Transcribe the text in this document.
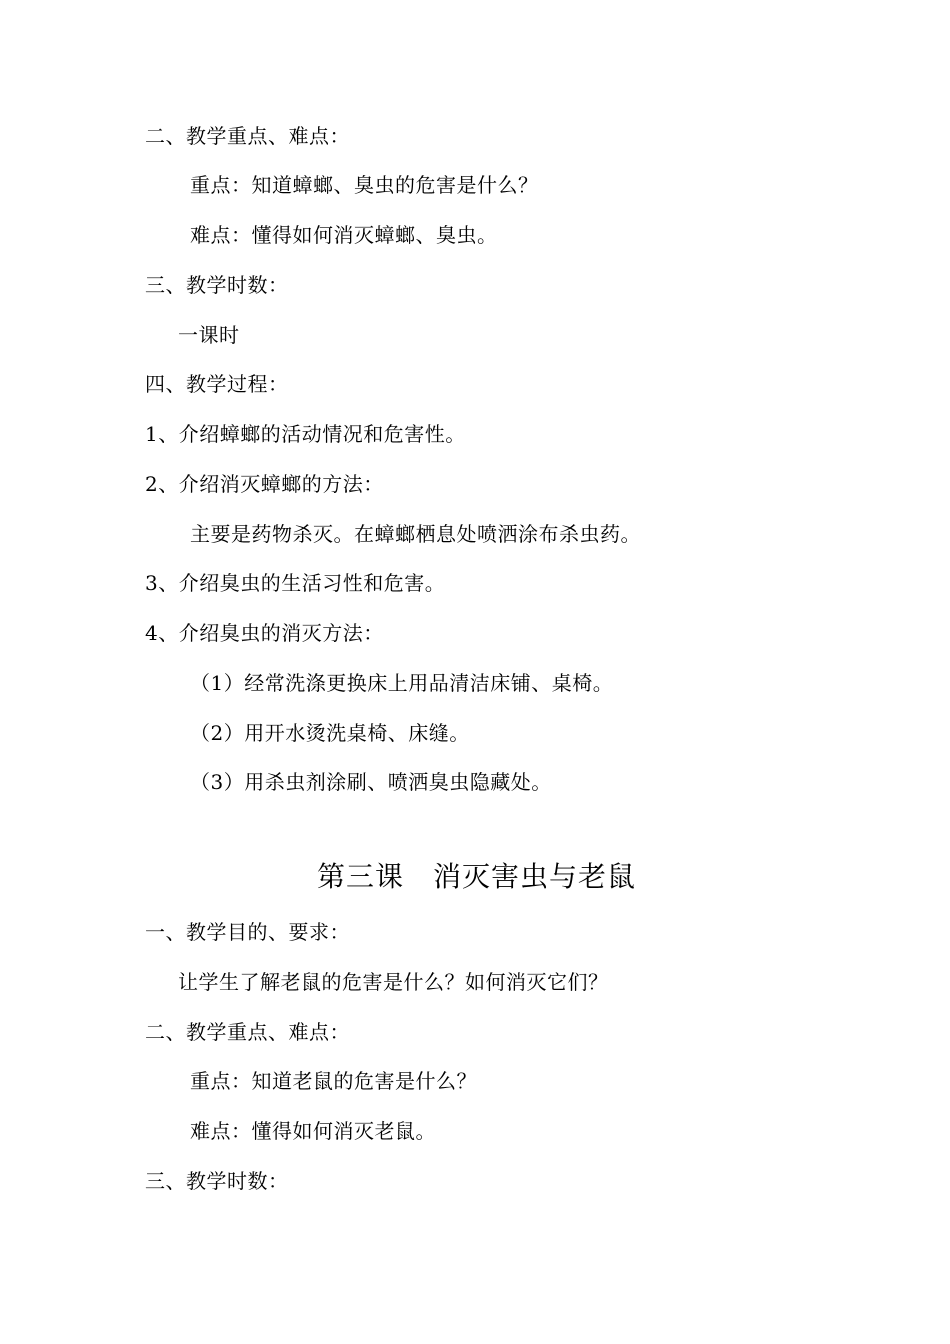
二、教学重点、难点：
重点：知道蟑螂、臭虫的危害是什么？
难点：懂得如何消灭蟑螂、臭虫。
三、教学时数：
一课时
四、教学过程：
1、介绍蟑螂的活动情况和危害性。
2、介绍消灭蟑螂的方法：
主要是药物杀灭。在蟑螂栖息处喷洒涂布杀虫药。
3、介绍臭虫的生活习性和危害。
4、介绍臭虫的消灭方法：
（1）经常洗涤更换床上用品清洁床铺、桌椅。
（2）用开水烫洗桌椅、床缝。
（3）用杀虫剂涂刷、喷洒臭虫隐藏处。
第三课　消灭害虫与老鼠
一、教学目的、要求：
让学生了解老鼠的危害是什么？如何消灭它们？
二、教学重点、难点：
重点：知道老鼠的危害是什么？
难点：懂得如何消灭老鼠。
三、教学时数：
